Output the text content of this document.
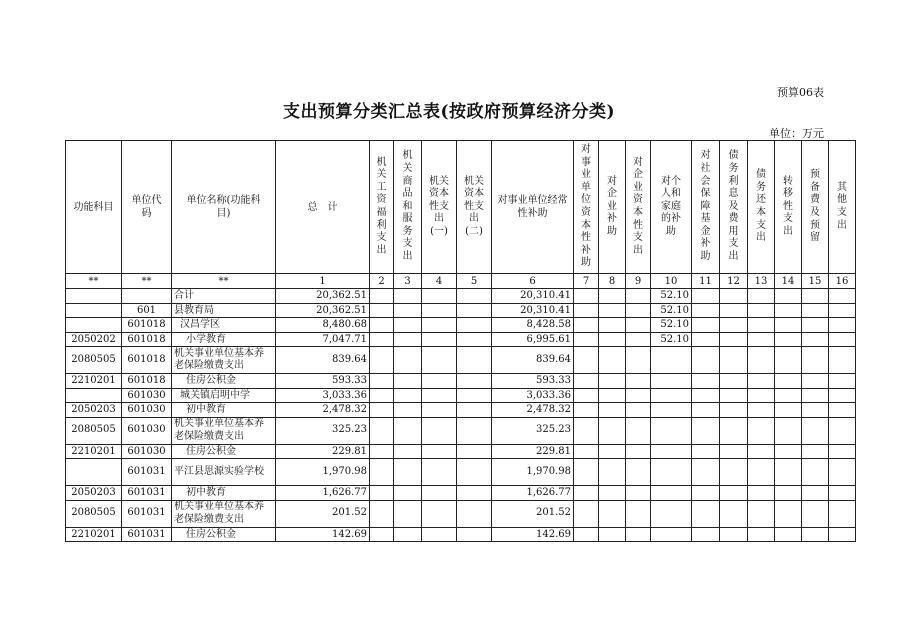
预算06表
支出预算分类汇总表(按政府预算经济分类)
单位：万元
功能科目	单位代码	单位名称(功能科目)	总　计	机关工资福利支出	机关商品和服务支出	机关资本性支出(一)	机关资本性支出(二)	对事业单位经常性补助	对事业单位资本性补助	对企业补助	对企业资本性支出	对个人和家庭的补助	对社会保障基金补助	债务利息及费用支出	债务还本支出	转移性支出	预备费及预留	其他支出
**	**	**	1	2	3	4	5	6	7	8	9	10	11	12	13	14	15	16
		合计	20,362.51					20,310.41				52.10						
	601	县教育局	20,362.51					20,310.41				52.10						
	601018	汉昌学区	8,480.68					8,428.58				52.10						
2050202	601018	小学教育	7,047.71					6,995.61				52.10						
2080505	601018	机关事业单位基本养老保险缴费支出	839.64					839.64										
2210201	601018	住房公积金	593.33					593.33										
	601030	城关镇启明中学	3,033.36					3,033.36										
2050203	601030	初中教育	2,478.32					2,478.32										
2080505	601030	机关事业单位基本养老保险缴费支出	325.23					325.23										
2210201	601030	住房公积金	229.81					229.81										
	601031	平江县思源实验学校	1,970.98					1,970.98										
2050203	601031	初中教育	1,626.77					1,626.77										
2080505	601031	机关事业单位基本养老保险缴费支出	201.52					201.52										
2210201	601031	住房公积金	142.69					142.69										
